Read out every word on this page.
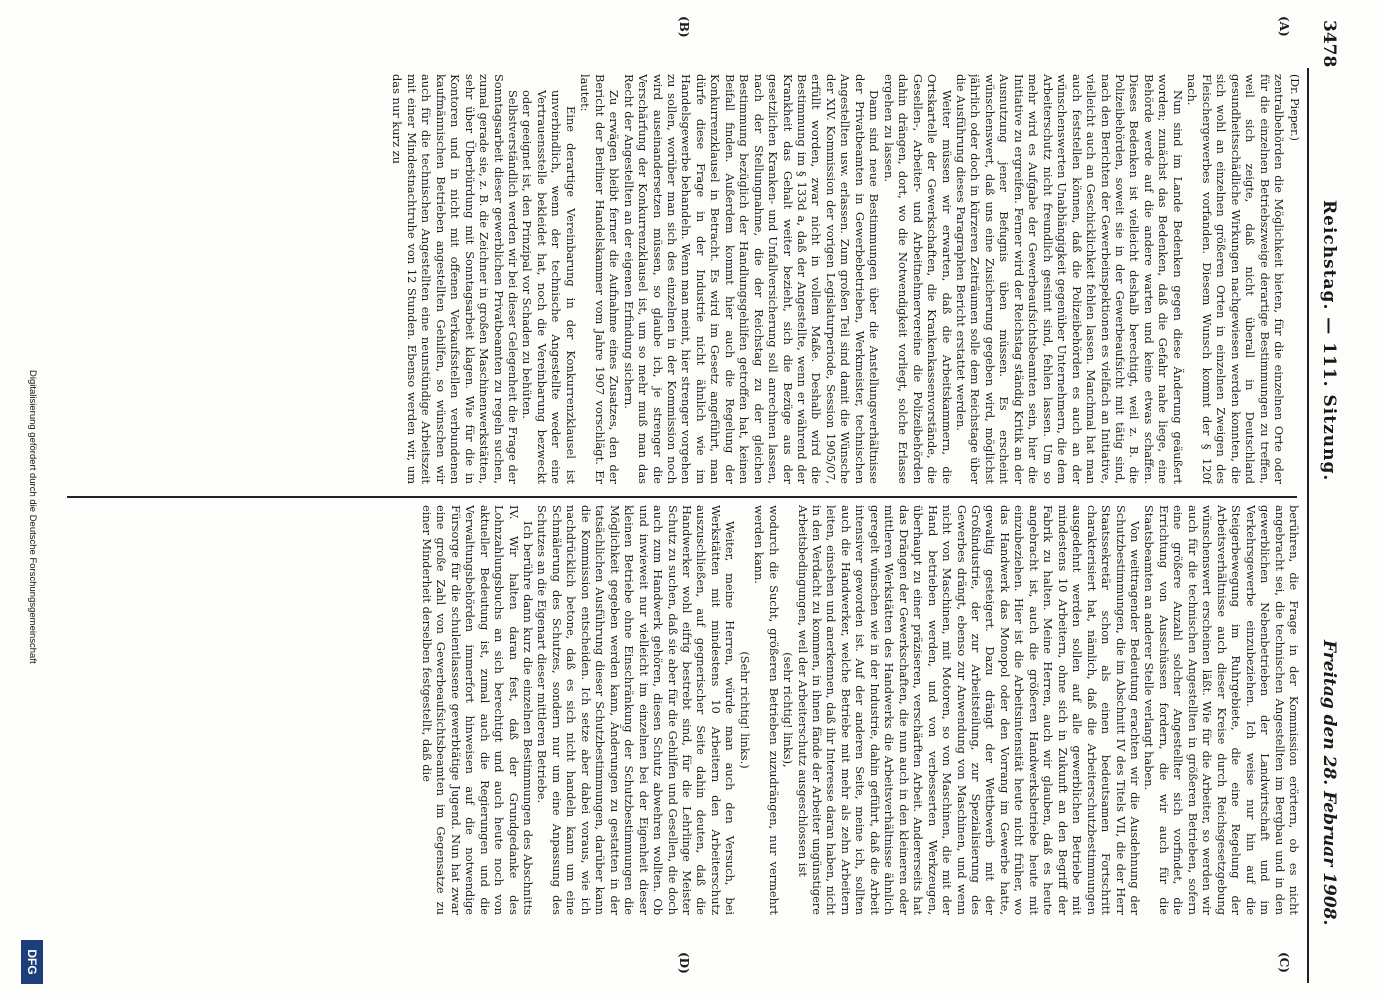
3478
Reichstag. — 111. Sitzung.
Freitag den 28. Februar 1908.
(A)
(B)
(C)
(D)
(Dr. Pieper.)

zentralbehörden die Möglichkeit bieten, für die einzelnen Orte oder für die einzelnen Betriebszweige derartige Bestimmungen zu treffen, weil sich zeigte, daß nicht überall in Deutschland gesundheitsschädliche Wirkungen nachgewiesen werden konnten, die sich wohl an einzelnen größeren Orten in einzelnen Zweigen des Fleischergewerbes vorfanden. Diesem Wunsch kommt der § 120f nach.

Nun sind im Lande Bedenken gegen diese Änderung geäußert worden; zunächst das Bedenken, daß die Gefahr nahe liege, eine Behörde werde auf die andere warten und keine etwas schaffen. Dieses Bedenken ist vielleicht deshalb berechtigt, weil z. B. die Polizeibehörden, soweit sie in der Gewerbeaufsicht mit tätig sind, nach den Berichten der Gewerbeinspektionen es vielfach an Initiative, vielleicht auch an Geschicklichkeit fehlen lassen. Manchmal hat man auch feststellen können, daß die Polizeibehörden es auch an der wünschenswerten Unabhängigkeit gegenüber Unternehmern, die dem Arbeiterschutz nicht freundlich gesinnt sind, fehlen lassen. Um so mehr wird es Aufgabe der Gewerbeaufsichtsbeamten sein, hier die Initiative zu ergreifen. Ferner wird der Reichstag ständig Kritik an der Ausnutzung jener Befugnis üben müssen. Es erscheint wünschenswert, daß uns eine Zusicherung gegeben wird, möglichst jährlich oder doch in kürzeren Zeiträumen solle dem Reichstage über die Ausführung dieses Paragraphen Bericht erstattet werden.

Weiter müssen wir erwarten, daß die Arbeitskammern, die Ortskartelle der Gewerkschaften, die Krankenkassenvorstände, die Gesellen-, Arbeiter- und Arbeitnehmervereine die Polizeibehörden dahin drängen, dort, wo die Notwendigkeit vorliegt, solche Erlasse ergehen zu lassen.

Dann sind neue Bestimmungen über die Anstellungsverhältnisse der Privatbeamten in Gewerbebetrieben, Werkmeister, technischen Angestellten usw. erlassen. Zum großen Teil sind damit die Wünsche der XIV. Kommission der vorigen Legislaturperiode, Session 1905/07, erfüllt worden, zwar nicht in vollem Maße. Deshalb wird die Bestimmung im § 133d a, daß der Angestellte, wenn er während der Krankheit das Gehalt weiter bezieht, sich die Bezüge aus der gesetzlichen Kranken- und Unfallversicherung soll anrechnen lassen, nach der Stellungnahme, die der Reichstag zu der gleichen Bestimmung bezüglich der Handlungsgehilfen getroffen hat, keinen Beifall finden. Außerdem kommt hier auch die Regelung der Konkurrenzklausel in Betracht. Es wird im Gesetz angeführt, man dürfe diese Frage in der Industrie nicht ähnlich wie im Handelsgewerbe behandeln. Wenn man meint, hier strenger vorgehen zu sollen, worüber man sich des einzelnen in der Kommission noch wird auseinandersetzen müssen, so glaube ich, je strenger die Verschärfung der Konkurrenzklausel ist, um so mehr muß man das Recht der Angestellten an der eigenen Erfindung sichern.

Zu erwägen bleibt ferner die Aufnahme eines Zusatzes, den der Bericht der Berliner Handelskammer vom Jahre 1907 vorschlägt. Er lautet:

Eine derartige Vereinbarung in der Konkurrenzklausel ist unverbindlich, wenn der technische Angestellte weder eine Vertrauensstelle bekleidet hat, noch die Vereinbarung bezweckt oder geeignet ist, den Prinzipal vor Schaden zu behüten.

Selbstverständlich werden wir bei dieser Gelegenheit die Frage der Sonntagsarbeit dieser gewerblichen Privatbeamten zu regeln suchen, zumal gerade sie, z. B. die Zeichner in großen Maschinenwerkstätten, sehr über Überbürdung mit Sonntagsarbeit klagen. Wie für die in Kontoren und in nicht mit offenen Verkaufsstellen verbundenen kaufmännischen Betrieben angestellten Gehilfen, so wünschen wir auch für die technischen Angestellten eine neunstündige Arbeitszeit mit einer Mindestnachtruhe von 12 Stunden. Ebenso werden wir, um das nur kurz zu

berühren, die Frage in der Kommission erörtern, ob es nicht angebracht sei, die technischen Angestellten im Bergbau und in den gewerblichen Nebenbetrieben der Landwirtschaft und im Verkehrsgewerbe einzubeziehen. Ich weise nur hin auf die Steigerbewegung im Ruhrgebiete, die eine Regelung der Arbeitsverhältnisse auch dieser Kreise durch Reichsgesetzgebung wünschenswert erscheinen läßt. Wie für die Arbeiter, so werden wir auch für die technischen Angestellten in größeren Betrieben, sofern eine größere Anzahl solcher Angestellter sich vorfindet, die Errichtung von Ausschüssen fordern, die wir auch für die Staatsbeamten an anderer Stelle verlangt haben.

Von weittragender Bedeutung erachten wir die Ausdehnung der Schutzbestimmungen, die im Abschnitt IV des Titels VII, die der Herr Staatssekretär schon als einen bedeutsamen Fortschritt charakterisiert hat, nämlich, daß die Arbeiterschutzbestimmungen ausgedehnt werden sollen auf alle gewerblichen Betriebe mit mindestens 10 Arbeitern, ohne sich in Zukunft an den Begriff der Fabrik zu halten. Meine Herren, auch wir glauben, daß es heute angebracht ist, auch die größeren Handwerksbetriebe heute mit einzubeziehen. Hier ist die Arbeitsintensität heute nicht früher, wo das Handwerk das Monopol oder den Vorrang im Gewerbe hatte, gewaltig gesteigert. Dazu drängt der Wettbewerb mit der Großindustrie, der zur Arbeitsteilung, zur Spezialisierung des Gewerbes drängt, ebenso zur Anwendung von Maschinen, und wenn nicht von Maschinen, mit Motoren, so von Maschinen, die mit der Hand betrieben werden, und von verbesserten Werkzeugen, überhaupt zu einer präziseren, verschärften Arbeit. Andererseits hat das Drängen der Gewerkschaften, die nun auch in den kleineren oder mittleren Werkstätten des Handwerks die Arbeitsverhältnisse ähnlich geregelt wünschen wie in der Industrie, dahin geführt, daß die Arbeit intensiver geworden ist. Auf der anderen Seite, meine ich, sollten auch die Handwerker, welche Betriebe mit mehr als zehn Arbeitern leiten, einsehen und anerkennen, daß ihr Interesse daran haben, nicht in den Verdacht zu kommen, in ihnen fände der Arbeiter ungünstigere Arbeitsbedingungen, weil der Arbeiterschutz ausgeschlossen ist

(sehr richtig! links),

wodurch die Sucht, größeren Betrieben zuzudrängen, nur vermehrt werden kann.

(Sehr richtig! links.)

Weiter, meine Herren, würde man auch den Versuch, bei Werkstätten mit mindestens 10 Arbeitern den Arbeiterschutz auszuschließen, auf gegnerischer Seite dahin deuten, daß die Handwerker wohl eifrig bestrebt sind, für die Lehrlinge Meister Schutz zu suchen, daß sie aber für die Gehilfen und Gesellen, die doch auch zum Handwerk gehören, diesen Schutz abwehren wollten. Ob und inwieweit nur vielleicht im einzelnen bei der Eigenheit dieser kleinen Betriebe ohne Einschränkung der Schutzbestimmungen die Möglichkeit gegeben werden kann, Änderungen zu gestatten in der tatsächlichen Ausführung dieser Schutzbestimmungen, darüber kann die Kommission entscheiden. Ich setze aber dabei voraus, wie ich nachdrücklich betone, daß es sich nicht handeln kann um eine Schmälerung des Schutzes, sondern nur um eine Anpassung des Schutzes an die Eigenart dieser mittleren Betriebe.

Ich berühre dann kurz die einzelnen Bestimmungen des Abschnitts IV. Wir halten daran fest, daß der Grundgedanke des Lohnzahlungsbuchs an sich berechtigt und auch heute noch von aktueller Bedeutung ist, zumal auch die Regierungen und die Verwaltungsbehörden immerfort hinweisen auf die notwendige Fürsorge für die schulentlassene gewerbtätige Jugend. Nun hat zwar eine große Zahl von Gewerbeaufsichtsbeamten im Gegensatze zu einer Minderheit derselben festgestellt, daß die

Digitalisierung gefördert durch die Deutsche Forschungsgemeinschaft
DFG
